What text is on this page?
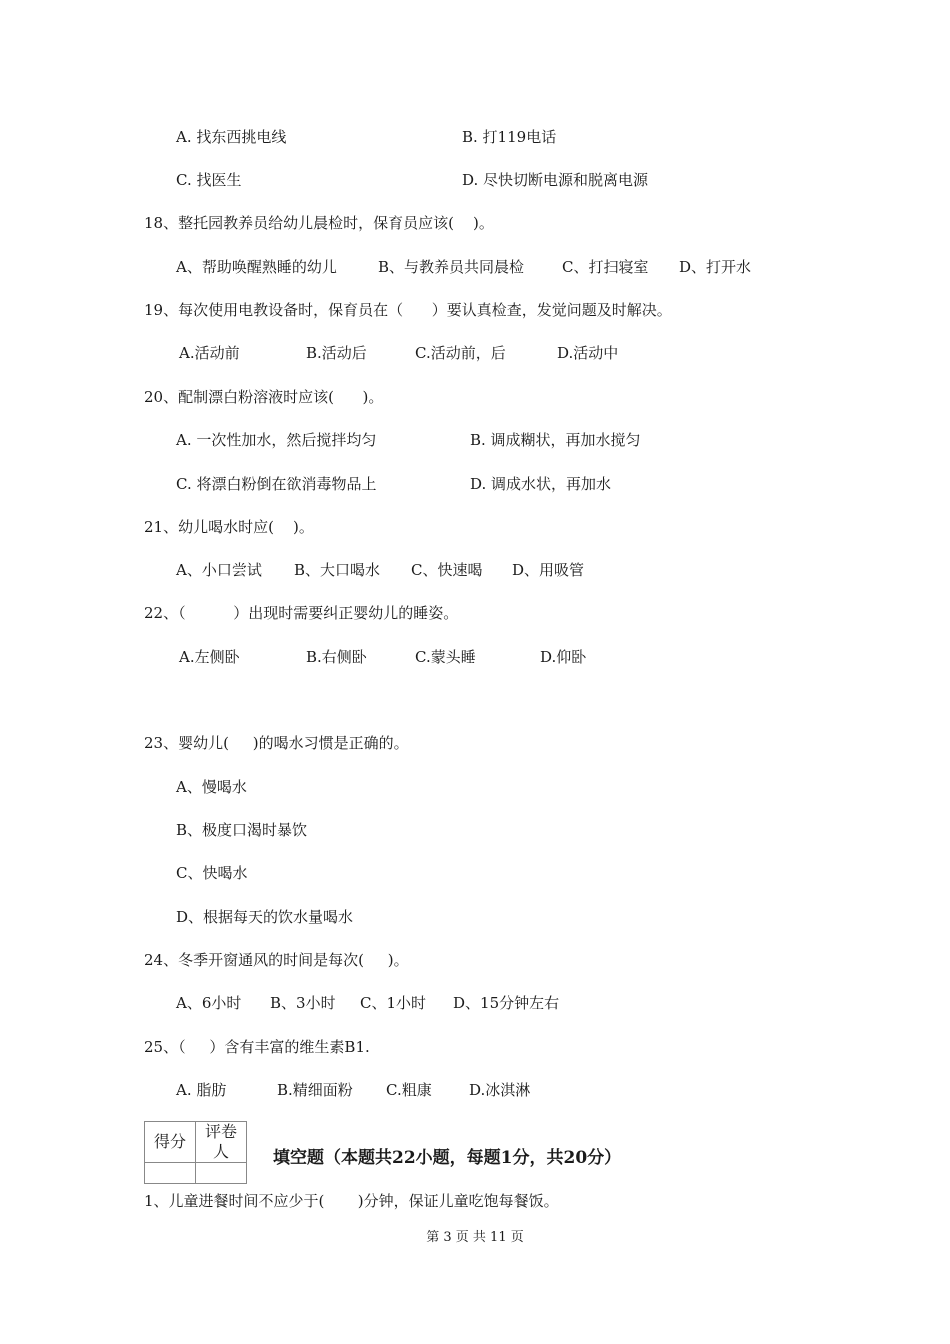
A. 找东西挑电线	B. 打119电话
C. 找医生	D. 尽快切断电源和脱离电源
18、整托园教养员给幼儿晨检时，保育员应该(    )。
A、帮助唤醒熟睡的幼儿	B、与教养员共同晨检	C、打扫寝室 D、打开水
19、每次使用电教设备时，保育员在（      ）要认真检查，发觉问题及时解决。
A.活动前	B.活动后	C.活动前，后	D.活动中
20、配制漂白粉溶液时应该(      )。
A. 一次性加水，然后搅拌均匀	B. 调成糊状，再加水搅匀
C. 将漂白粉倒在欲消毒物品上	D. 调成水状，再加水
21、幼儿喝水时应(    )。
A、小口尝试 B、大口喝水 C、快速喝 D、用吸管
22、（          ）出现时需要纠正婴幼儿的睡姿。
A.左侧卧	B.右侧卧	C.蒙头睡	D.仰卧
23、婴幼儿(     )的喝水习惯是正确的。
A、慢喝水
B、极度口渴时暴饮
C、快喝水
D、根据每天的饮水量喝水
24、冬季开窗通风的时间是每次(     )。
A、6小时 B、3小时 C、1小时 D、15分钟左右
25、（     ）含有丰富的维生素B1.
A. 脂肪	B.精细面粉 C.粗康 D.冰淇淋
得分	评卷人
		填空题（本题共22小题，每题1分，共20分）
1、儿童进餐时间不应少于(       )分钟，保证儿童吃饱每餐饭。
第 3 页 共 11 页
